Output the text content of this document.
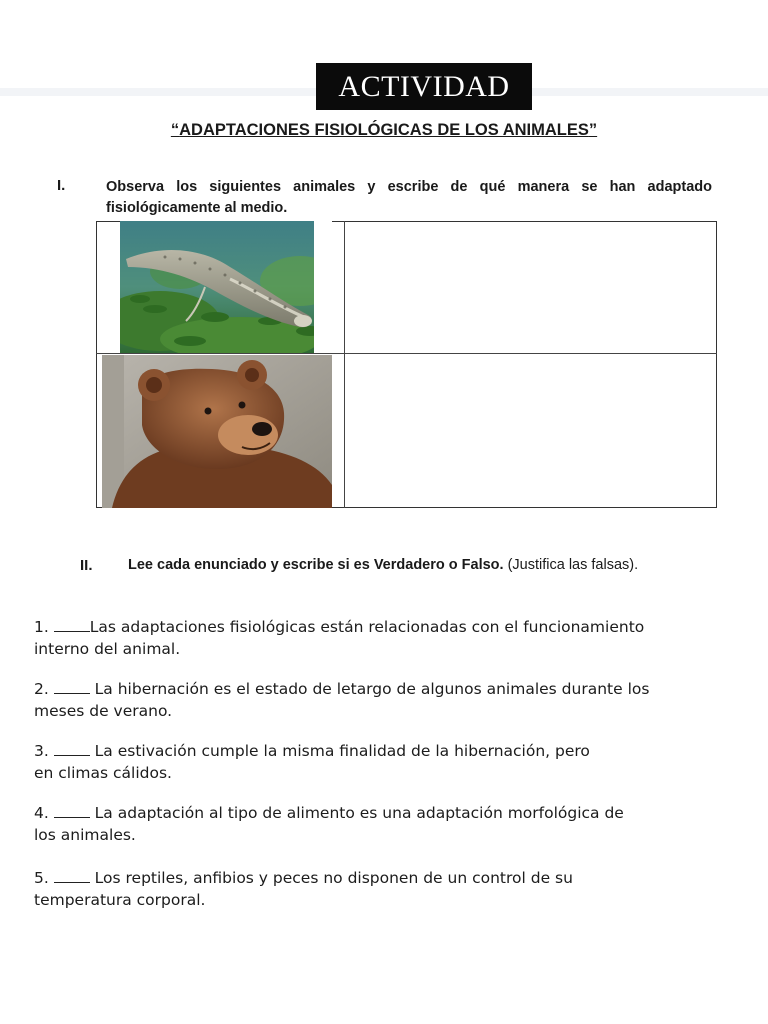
ACTIVIDAD
“ADAPTACIONES FISIOLÓGICAS DE LOS ANIMALES”
I.	Observa los siguientes animales y escribe de qué manera se han adaptado fisiológicamente al medio.
II. Lee cada enunciado y escribe si es Verdadero o Falso. (Justifica las falsas).
1.	Las adaptaciones fisiológicas están relacionadas con el funcionamiento
interno del animal.
2.	La hibernación es el estado de letargo de algunos animales durante los
meses de verano.
3.	La estivación cumple la misma finalidad de la hibernación, pero
en climas cálidos.
4.	La adaptación al tipo de alimento es una adaptación morfológica de
los animales.
5.	Los reptiles, anfibios y peces no disponen de un control de su
temperatura corporal.
